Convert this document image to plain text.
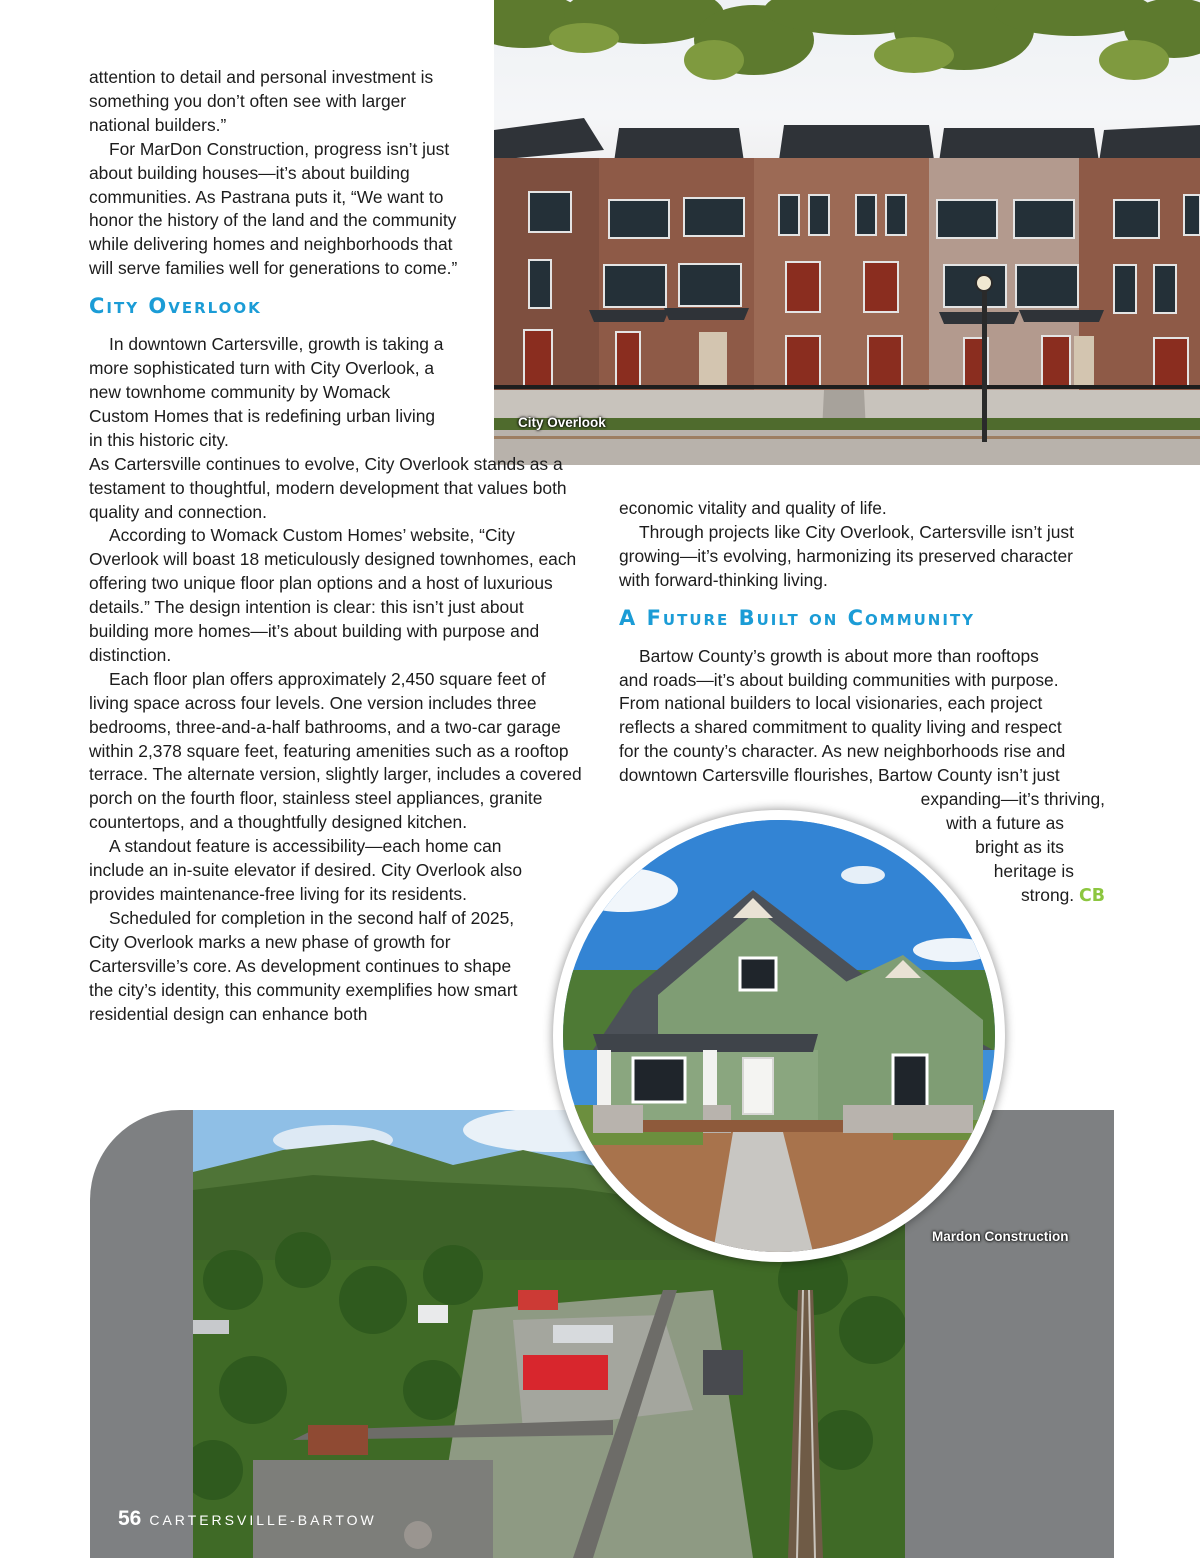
City Overlook

attention to detail and personal investment is something you don’t often see with larger national builders.”

For MarDon Construction, progress isn’t just about building houses—it’s about building communities. As Pastrana puts it, “We want to honor the history of the land and the community while delivering homes and neighborhoods that will serve families well for generations to come.”

City Overlook

In downtown Cartersville, growth is taking a more sophisticated turn with City Overlook, a new townhome community by Womack Custom Homes that is redefining urban living in this historic city.

As Cartersville continues to evolve, City Overlook stands as a testament to thoughtful, modern development that values both quality and connection.

According to Womack Custom Homes’ website, “City Overlook will boast 18 meticulously designed townhomes, each offering two unique floor plan options and a host of luxurious details.” The design intention is clear: this isn’t just about building more homes—it’s about building with purpose and distinction.

Each floor plan offers approximately 2,450 square feet of living space across four levels. One version includes three bedrooms, three-and-a-half bathrooms, and a two-car garage within 2,378 square feet, featuring amenities such as a rooftop terrace. The alternate version, slightly larger, includes a covered porch on the fourth floor, stainless steel appliances, granite countertops, and a thoughtfully designed kitchen.

A standout feature is accessibility—each home can include an in-suite elevator if desired. City Overlook also provides maintenance-free living for its residents.

Scheduled for completion in the second half of 2025, City Overlook marks a new phase of growth for Cartersville’s core. As development continues to shape the city’s identity, this community exemplifies how smart residential design can enhance both

economic vitality and quality of life.

Through projects like City Overlook, Cartersville isn’t just growing—it’s evolving, harmonizing its preserved character with forward-thinking living.

A Future Built on Community

Bartow County’s growth is about more than rooftops

and roads—it’s about building communities with purpose.

From national builders to local visionaries, each project

reflects a shared commitment to quality living and respect

for the county’s character. As new neighborhoods rise and

downtown Cartersville flourishes, Bartow County isn’t just

expanding—it’s thriving,

with a future as

bright as its

heritage is

strong. CB

56 CARTERSVILLE-BARTOW
Mardon Construction
